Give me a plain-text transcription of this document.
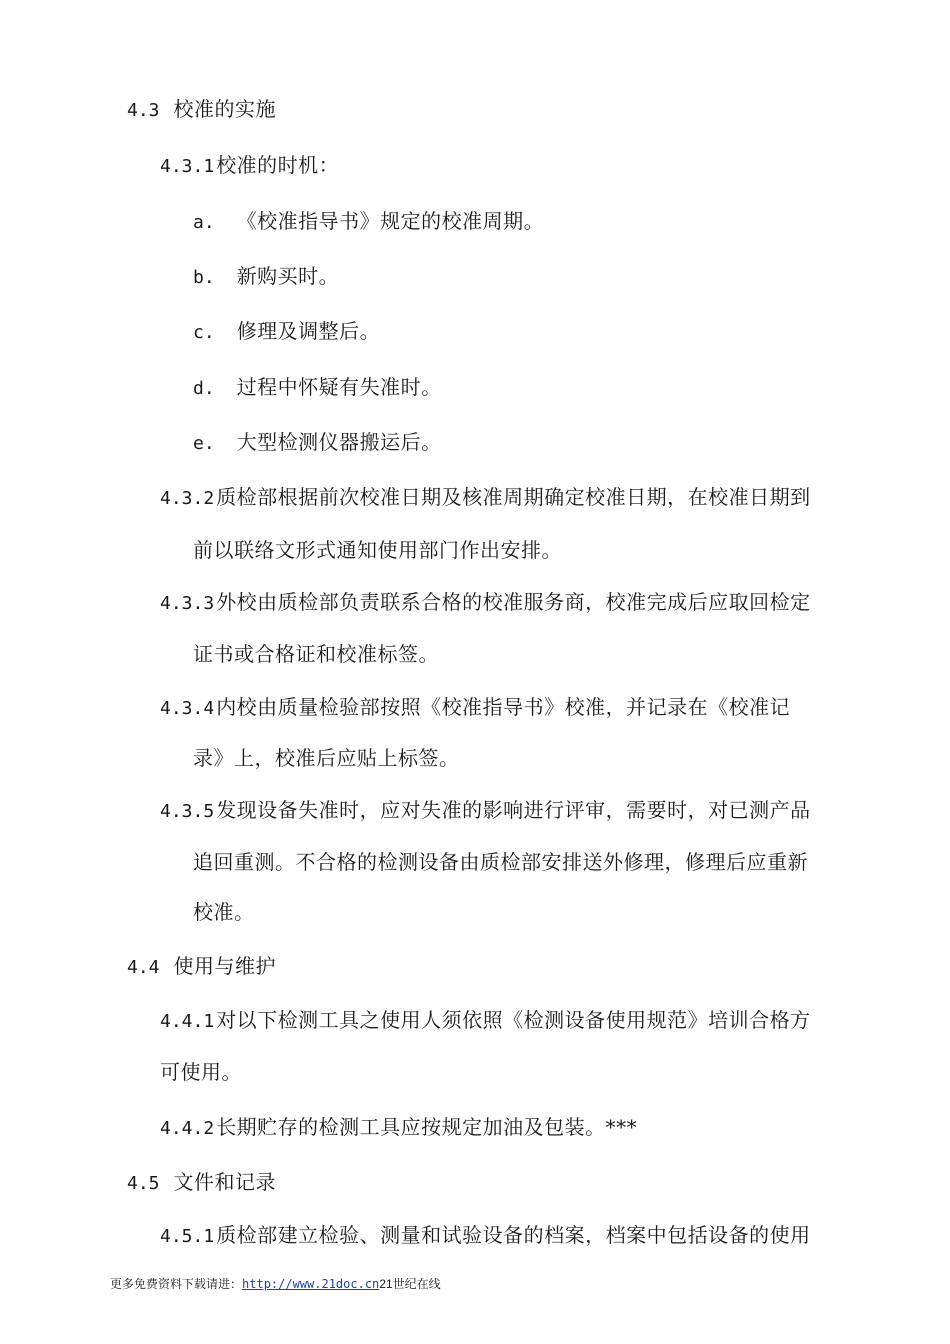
4.3 校准的实施
4.3.1 校准的时机：
a. 《校准指导书》规定的校准周期。
b. 新购买时。
c. 修理及调整后。
d. 过程中怀疑有失准时。
e. 大型检测仪器搬运后。
4.3.2 质检部根据前次校准日期及核准周期确定校准日期，在校准日期到
前以联络文形式通知使用部门作出安排。
4.3.3 外校由质检部负责联系合格的校准服务商，校准完成后应取回检定
证书或合格证和校准标签。
4.3.4 内校由质量检验部按照《校准指导书》校准，并记录在《校准记
录》上，校准后应贴上标签。
4.3.5 发现设备失准时，应对失准的影响进行评审，需要时，对已测产品
追回重测。不合格的检测设备由质检部安排送外修理，修理后应重新
校准。
4.4 使用与维护
4.4.1 对以下检测工具之使用人须依照《检测设备使用规范》培训合格方
可使用。
4.4.2 长期贮存的检测工具应按规定加油及包装。***
4.5 文件和记录
4.5.1 质检部建立检验、测量和试验设备的档案，档案中包括设备的使用
更多免费资料下载请进：http://www.21doc.cn21世纪在线
